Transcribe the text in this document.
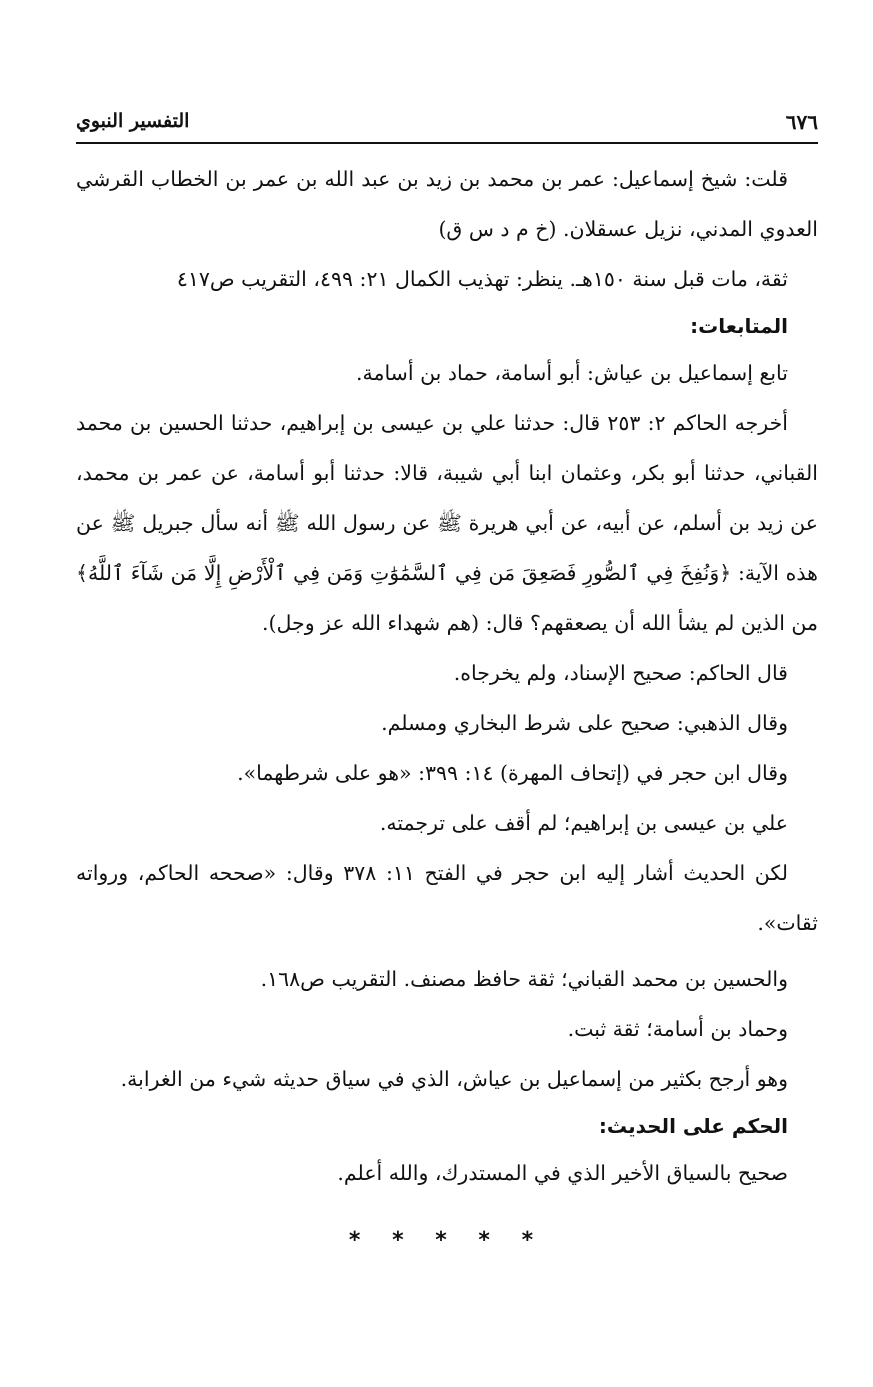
٦٧٦
التفسير النبوي

قلت: شيخ إسماعيل: عمر بن محمد بن زيد بن عبد الله بن عمر بن الخطاب القرشي العدوي المدني، نزيل عسقلان. (خ م د س ق)

ثقة، مات قبل سنة ١٥٠هـ. ينظر: تهذيب الكمال ٢١: ٤٩٩، التقريب ص٤١٧

المتابعات:

تابع إسماعيل بن عياش: أبو أسامة، حماد بن أسامة.

أخرجه الحاكم ٢: ٢٥٣ قال: حدثنا علي بن عيسى بن إبراهيم، حدثنا الحسين بن محمد القباني، حدثنا أبو بكر، وعثمان ابنا أبي شيبة، قالا: حدثنا أبو أسامة، عن عمر بن محمد، عن زيد بن أسلم، عن أبيه، عن أبي هريرة ﷺ عن رسول الله ﷺ أنه سأل جبريل ﷺ عن هذه الآية: ﴿وَنُفِخَ فِي ٱلصُّورِ فَصَعِقَ مَن فِي ٱلسَّمَٰوَٰتِ وَمَن فِي ٱلْأَرْضِ إِلَّا مَن شَآءَ ٱللَّهُ﴾ من الذين لم يشأ الله أن يصعقهم؟ قال: (هم شهداء الله عز وجل).

قال الحاكم: صحيح الإسناد، ولم يخرجاه.

وقال الذهبي: صحيح على شرط البخاري ومسلم.

وقال ابن حجر في (إتحاف المهرة) ١٤: ٣٩٩: «هو على شرطهما».

علي بن عيسى بن إبراهيم؛ لم أقف على ترجمته.

لكن الحديث أشار إليه ابن حجر في الفتح ١١: ٣٧٨ وقال: «صححه الحاكم، ورواته ثقات».

والحسين بن محمد القباني؛ ثقة حافظ مصنف. التقريب ص١٦٨.

وحماد بن أسامة؛ ثقة ثبت.

وهو أرجح بكثير من إسماعيل بن عياش، الذي في سياق حديثه شيء من الغرابة.

الحكم على الحديث:

صحيح بالسياق الأخير الذي في المستدرك، والله أعلم.

* * * * *
